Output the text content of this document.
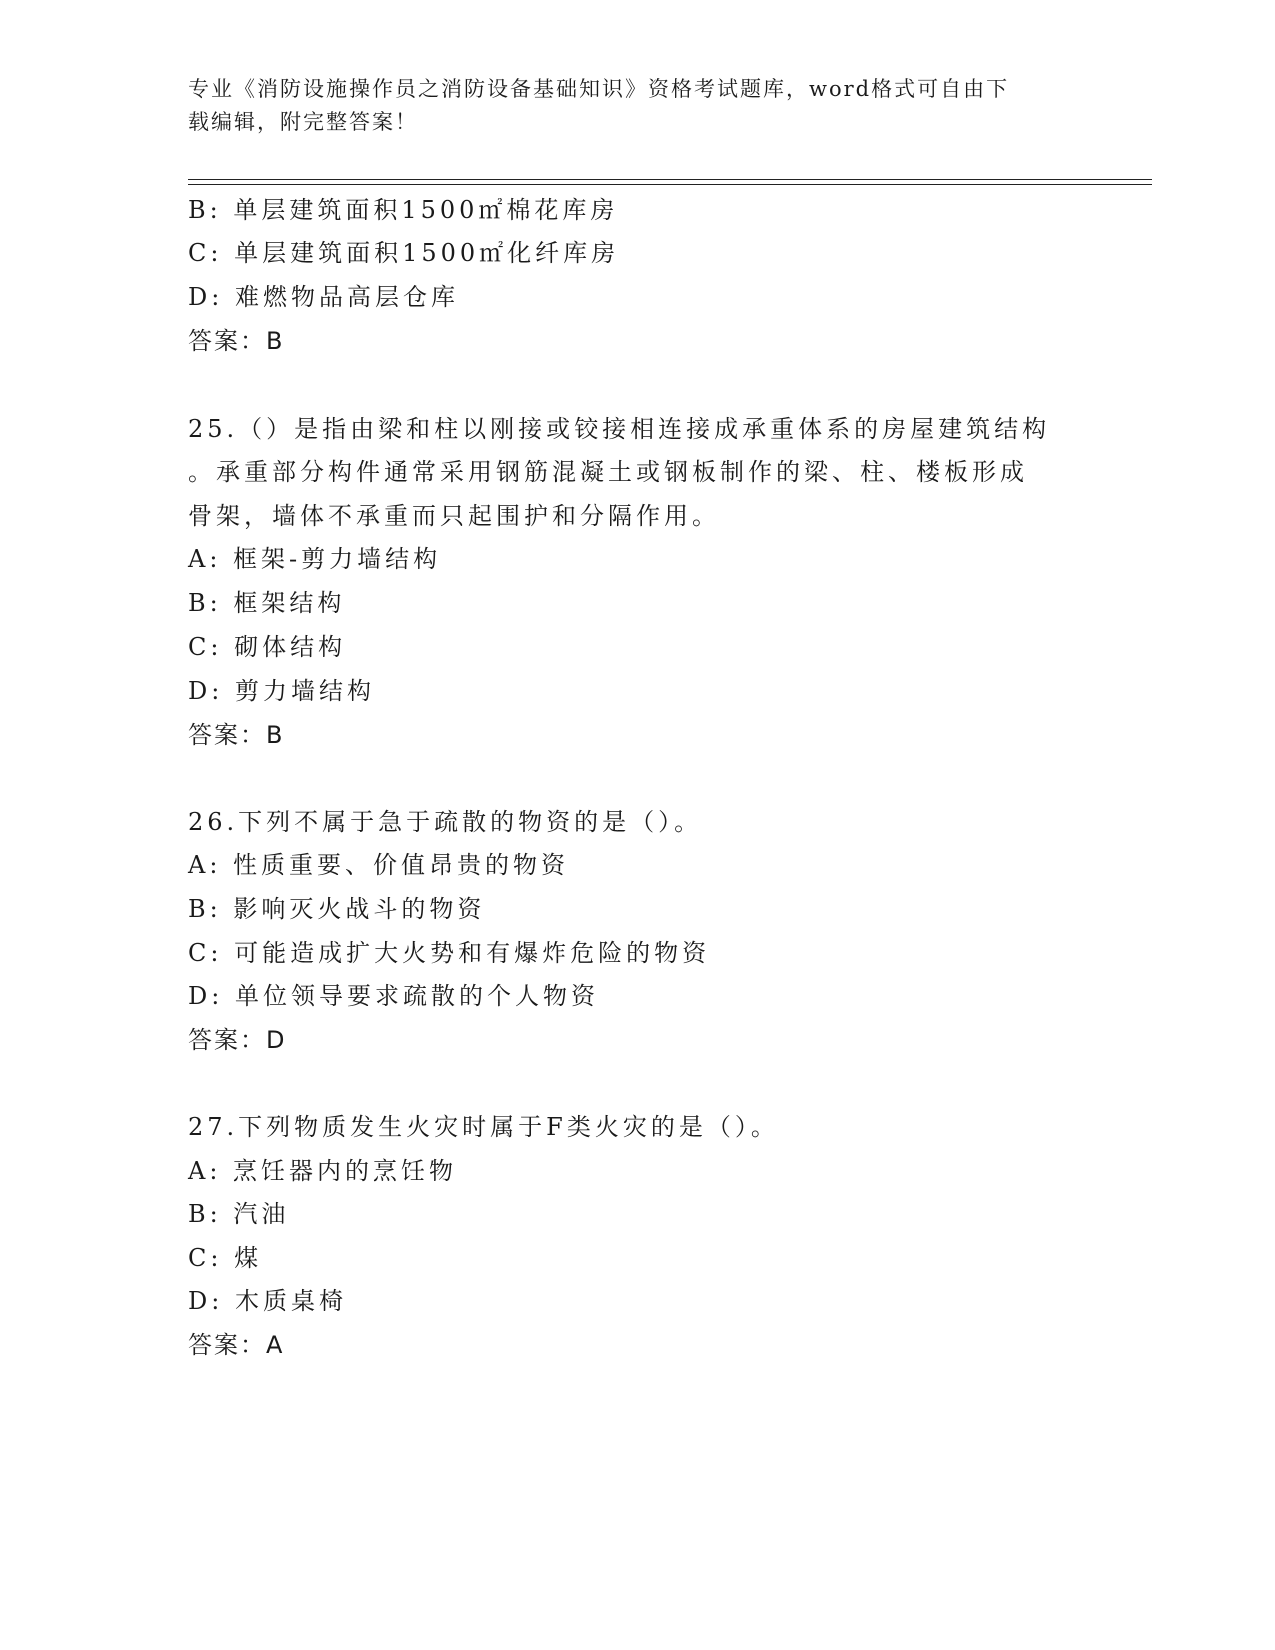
专业《消防设施操作员之消防设备基础知识》资格考试题库，word格式可自由下
载编辑，附完整答案！
B: 单层建筑面积1500㎡棉花库房
C: 单层建筑面积1500㎡化纤库房
D: 难燃物品高层仓库
答案：B
25.（）是指由梁和柱以刚接或铰接相连接成承重体系的房屋建筑结构
。承重部分构件通常采用钢筋混凝土或钢板制作的梁、柱、楼板形成
骨架，墙体不承重而只起围护和分隔作用。
A: 框架-剪力墙结构
B: 框架结构
C: 砌体结构
D: 剪力墙结构
答案：B
26.下列不属于急于疏散的物资的是（）。
A: 性质重要、价值昂贵的物资
B: 影响灭火战斗的物资
C: 可能造成扩大火势和有爆炸危险的物资
D: 单位领导要求疏散的个人物资
答案：D
27.下列物质发生火灾时属于F类火灾的是（）。
A: 烹饪器内的烹饪物
B: 汽油
C: 煤
D: 木质桌椅
答案：A
